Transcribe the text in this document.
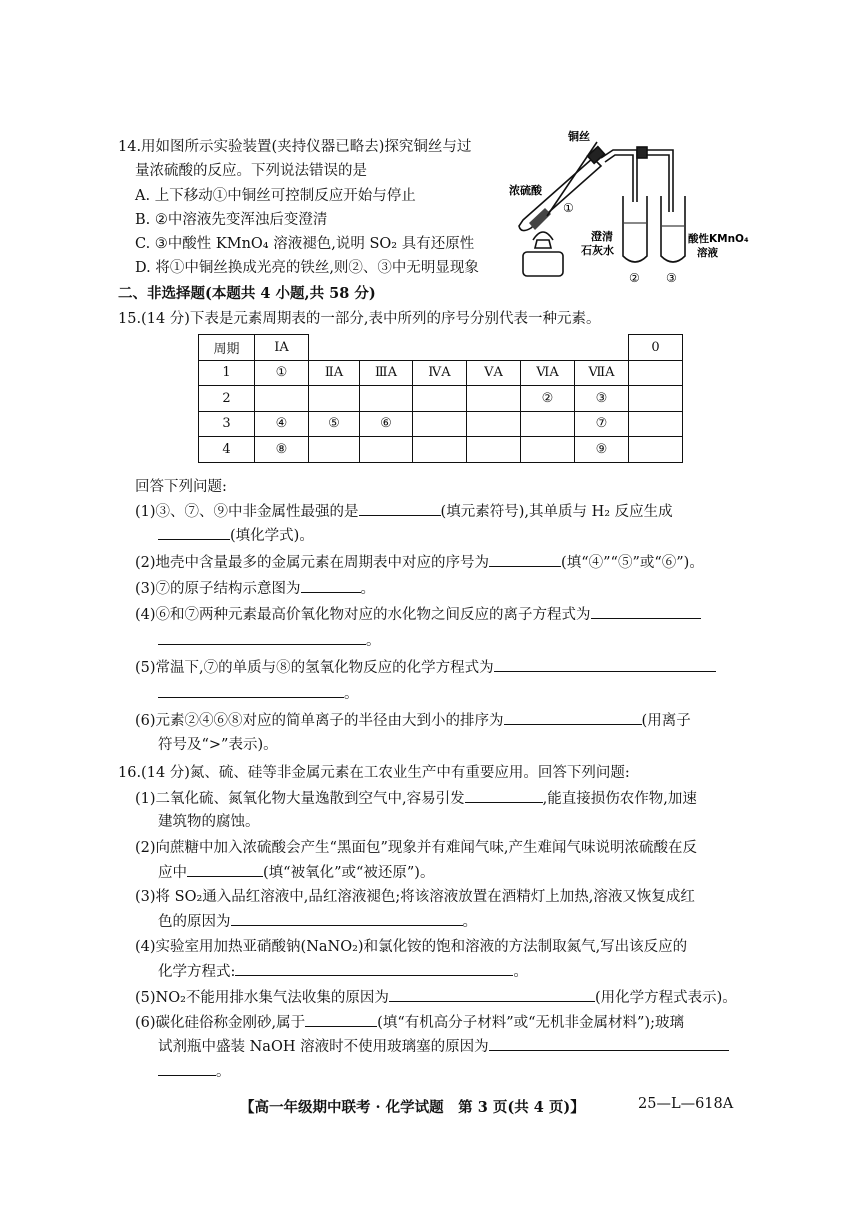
14.用如图所示实验装置(夹持仪器已略去)探究铜丝与过
量浓硫酸的反应。下列说法错误的是
A. 上下移动①中铜丝可控制反应开始与停止
B. ②中溶液先变浑浊后变澄清
C. ③中酸性 KMnO₄ 溶液褪色,说明 SO₂ 具有还原性
D. 将①中铜丝换成光亮的铁丝,则②、③中无明显现象
铜丝
浓硫酸
①
澄清
石灰水
酸性KMnO₄
溶液
② ③
二、非选择题(本题共 4 小题,共 58 分)
15.(14 分)下表是元素周期表的一部分,表中所列的序号分别代表一种元素。
周期	ⅠA							0
1	①	ⅡA	ⅢA	ⅣA	ⅤA	ⅥA	ⅦA	
2						②	③	
3	④	⑤	⑥				⑦	
4	⑧						⑨	
回答下列问题:
(1)③、⑦、⑨中非金属性最强的是	(填元素符号),其单质与 H₂ 反应生成
(填化学式)。
(2)地壳中含量最多的金属元素在周期表中对应的序号为	(填“④”“⑤”或“⑥”)。
(3)⑦的原子结构示意图为	。
(4)⑥和⑦两种元素最高价氧化物对应的水化物之间反应的离子方程式为
。
(5)常温下,⑦的单质与⑧的氢氧化物反应的化学方程式为
。
(6)元素②④⑥⑧对应的简单离子的半径由大到小的排序为	(用离子
符号及“>”表示)。
16.(14 分)氮、硫、硅等非金属元素在工农业生产中有重要应用。回答下列问题:
(1)二氧化硫、氮氧化物大量逸散到空气中,容易引发	,能直接损伤农作物,加速
建筑物的腐蚀。
(2)向蔗糖中加入浓硫酸会产生“黑面包”现象并有难闻气味,产生难闻气味说明浓硫酸在反
应中	(填“被氧化”或“被还原”)。
(3)将 SO₂通入品红溶液中,品红溶液褪色;将该溶液放置在酒精灯上加热,溶液又恢复成红
色的原因为	。
(4)实验室用加热亚硝酸钠(NaNO₂)和氯化铵的饱和溶液的方法制取氮气,写出该反应的
化学方程式:	。
(5)NO₂不能用排水集气法收集的原因为	(用化学方程式表示)。
(6)碳化硅俗称金刚砂,属于	(填“有机高分子材料”或“无机非金属材料”);玻璃
试剂瓶中盛装 NaOH 溶液时不使用玻璃塞的原因为
。
【高一年级期中联考 · 化学试题　第 3 页(共 4 页)】	25—L—618A
